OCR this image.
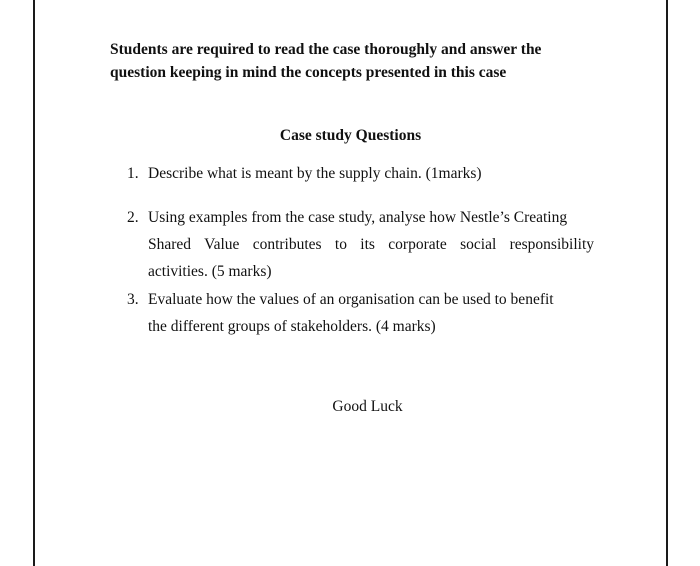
Students are required to read the case thoroughly and answer the
question keeping in mind the concepts presented in this case

Case study Questions

1. Describe what is meant by the supply chain. (1marks)
2. Using examples from the case study, analyse how Nestle’s Creating
Shared Value contributes to its corporate social responsibility
activities. (5 marks)
3. Evaluate how the values of an organisation can be used to benefit
the different groups of stakeholders. (4 marks)

Good Luck
